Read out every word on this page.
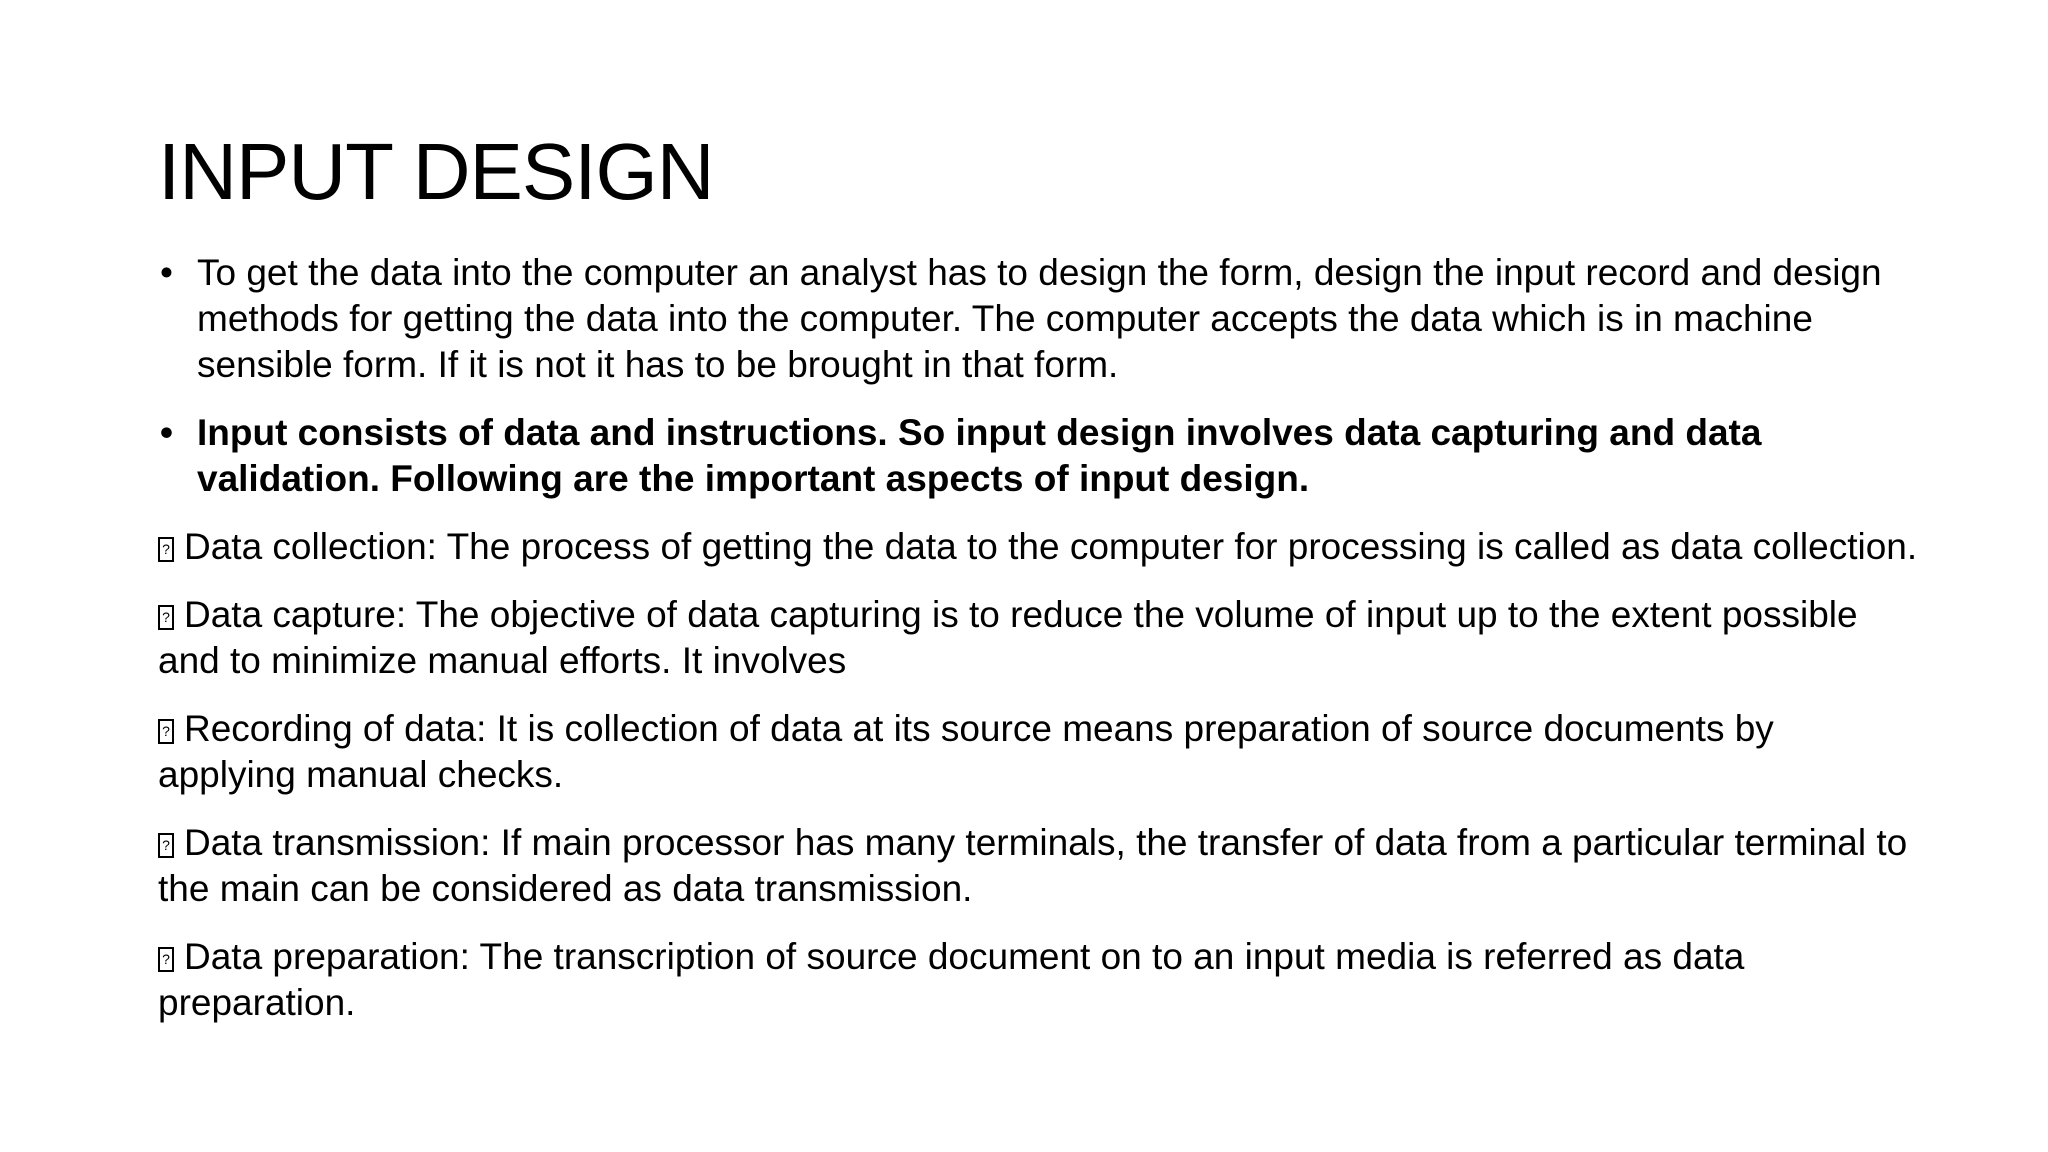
INPUT DESIGN
• To get the data into the computer an analyst has to design the form, design the input record and design methods for getting the data into the computer. The computer accepts the data which is in machine sensible form. If it is not it has to be brought in that form.
• Input consists of data and instructions. So input design involves data capturing and data validation. Following are the important aspects of input design.
?Data collection: The process of getting the data to the computer for processing is called as data collection.
?Data capture: The objective of data capturing is to reduce the volume of input up to the extent possible and to minimize manual efforts. It involves
?Recording of data: It is collection of data at its source means preparation of source documents by applying manual checks.
?Data transmission: If main processor has many terminals, the transfer of data from a particular terminal to the main can be considered as data transmission.
?Data preparation: The transcription of source document on to an input media is referred as data preparation.
